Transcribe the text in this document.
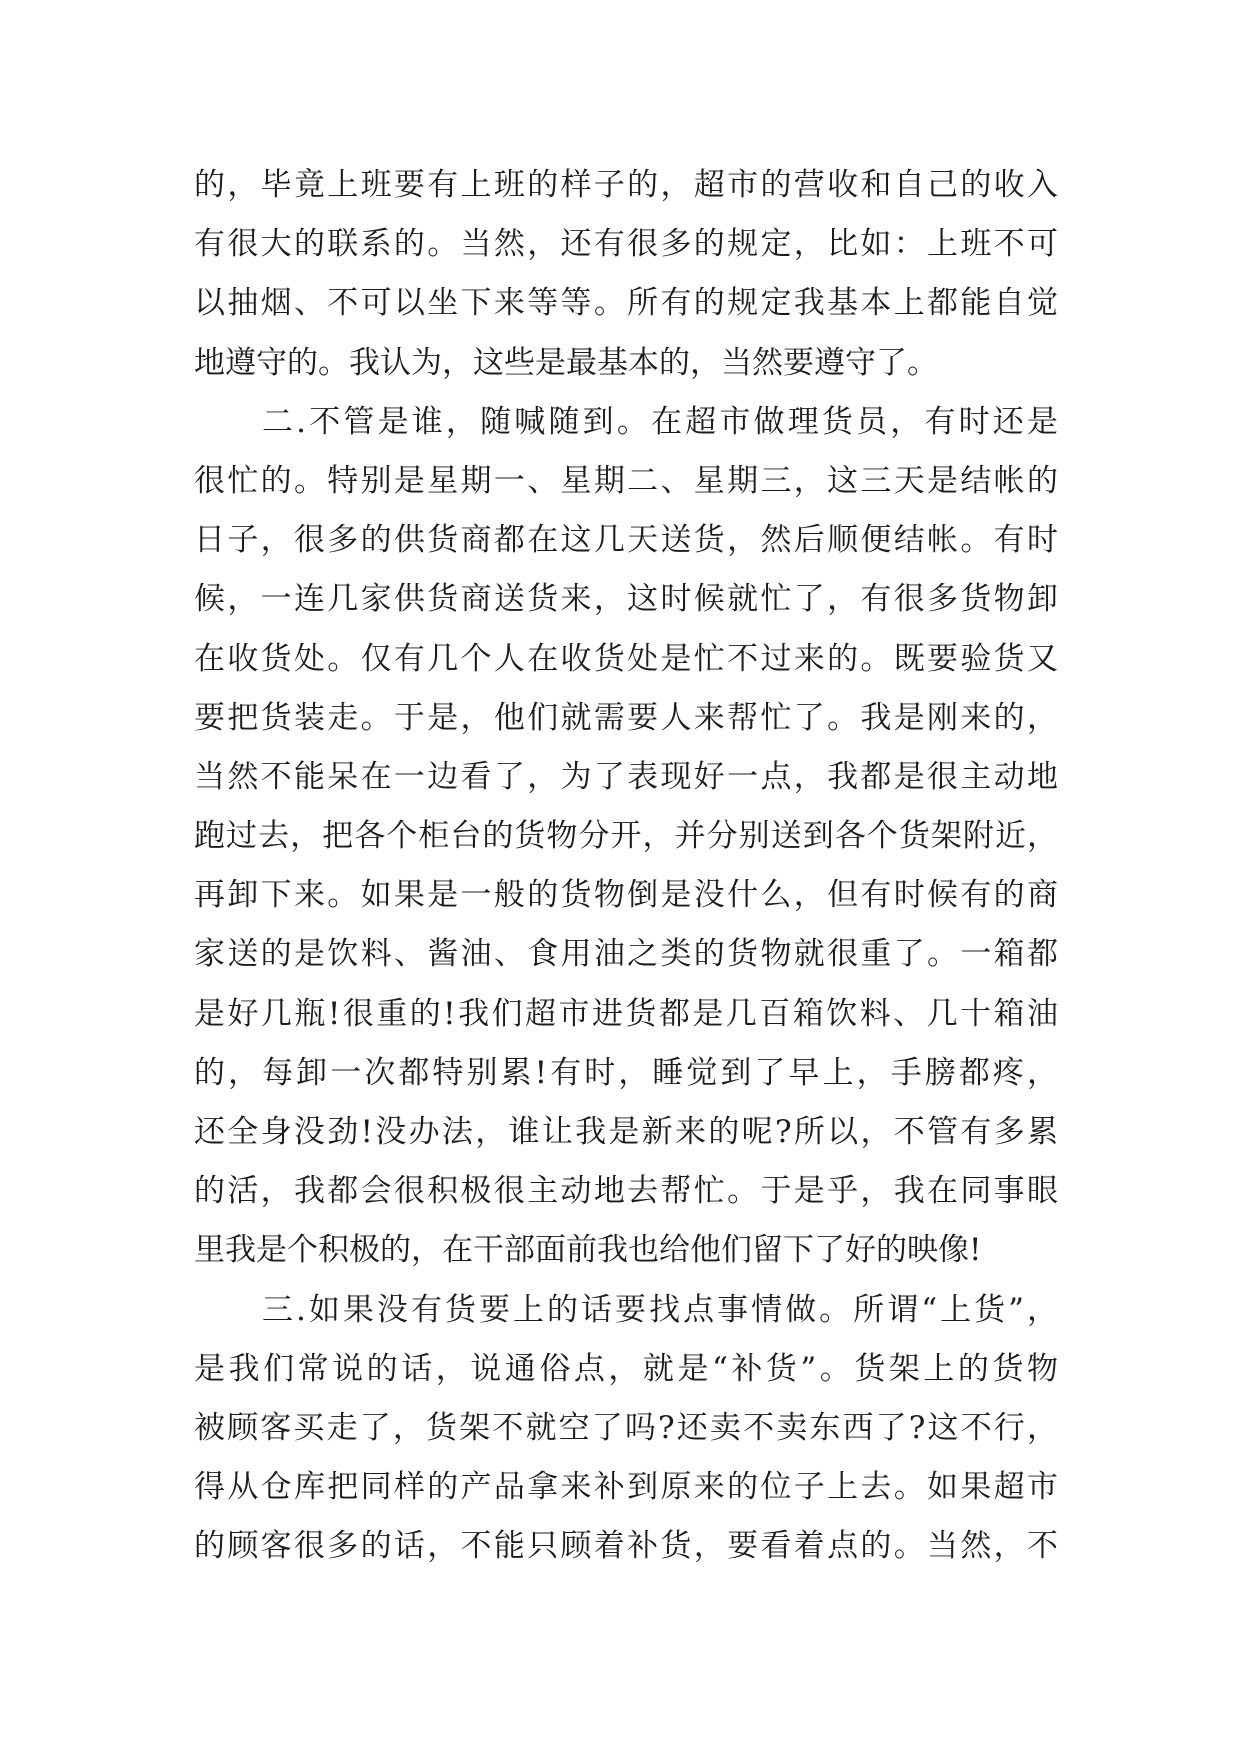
的，毕竟上班要有上班的样子的，超市的营收和自己的收入
有很大的联系的。当然，还有很多的规定，比如：上班不可
以抽烟、不可以坐下来等等。所有的规定我基本上都能自觉
地遵守的。我认为，这些是最基本的，当然要遵守了。
二.不管是谁，随喊随到。在超市做理货员，有时还是
很忙的。特别是星期一、星期二、星期三，这三天是结帐的
日子，很多的供货商都在这几天送货，然后顺便结帐。有时
候，一连几家供货商送货来，这时候就忙了，有很多货物卸
在收货处。仅有几个人在收货处是忙不过来的。既要验货又
要把货装走。于是，他们就需要人来帮忙了。我是刚来的，
当然不能呆在一边看了，为了表现好一点，我都是很主动地
跑过去，把各个柜台的货物分开，并分别送到各个货架附近，
再卸下来。如果是一般的货物倒是没什么，但有时候有的商
家送的是饮料、酱油、食用油之类的货物就很重了。一箱都
是好几瓶!很重的!我们超市进货都是几百箱饮料、几十箱油
的，每卸一次都特别累!有时，睡觉到了早上，手膀都疼，
还全身没劲!没办法，谁让我是新来的呢?所以，不管有多累
的活，我都会很积极很主动地去帮忙。于是乎，我在同事眼
里我是个积极的，在干部面前我也给他们留下了好的映像!
三.如果没有货要上的话要找点事情做。所谓“上货”，
是我们常说的话，说通俗点，就是“补货”。货架上的货物
被顾客买走了，货架不就空了吗?还卖不卖东西了?这不行，
得从仓库把同样的产品拿来补到原来的位子上去。如果超市
的顾客很多的话，不能只顾着补货，要看着点的。当然，不
